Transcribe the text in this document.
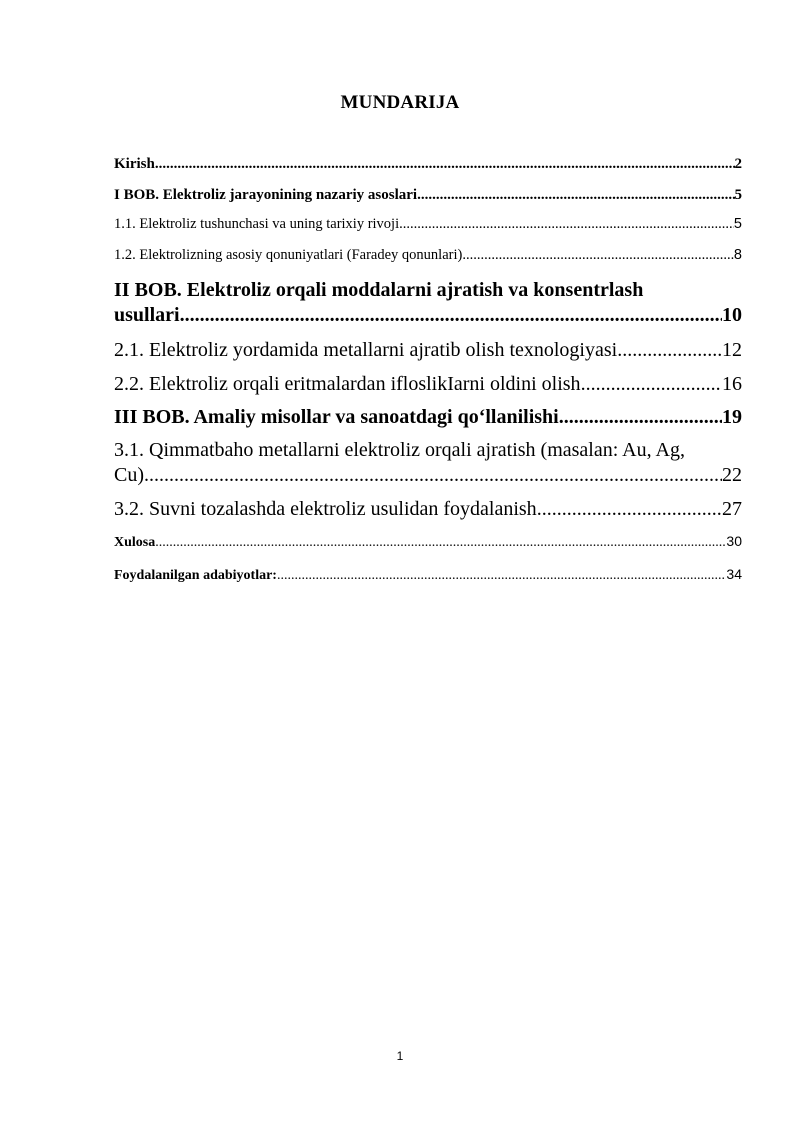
MUNDARIJA
Kirish .....	2
I BOB. Elektroliz jarayonining nazariy asoslari .....	5
1.1. Elektroliz tushunchasi va uning tarixiy rivoji .....	5
1.2. Elektrolizning asosiy qonuniyatlari (Faradey qonunlari) .....	8
II BOB. Elektroliz orqali moddalarni ajratish va konsentrlash
usullari .....	10
2.1. Elektroliz yordamida metallarni ajratib olish texnologiyasi .....	12
2.2. Elektroliz orqali eritmalardan ifloslikIarni oldini olish .....	16
III BOB. Amaliy misollar va sanoatdagi qo‘llanilishi .....	19
3.1. Qimmatbaho metallarni elektroliz orqali ajratish (masalan: Au, Ag,
Cu) .....	22
3.2. Suvni tozalashda elektroliz usulidan foydalanish .....	27
Xulosa .....	30
Foydalanilgan adabiyotlar: .....	34
1
